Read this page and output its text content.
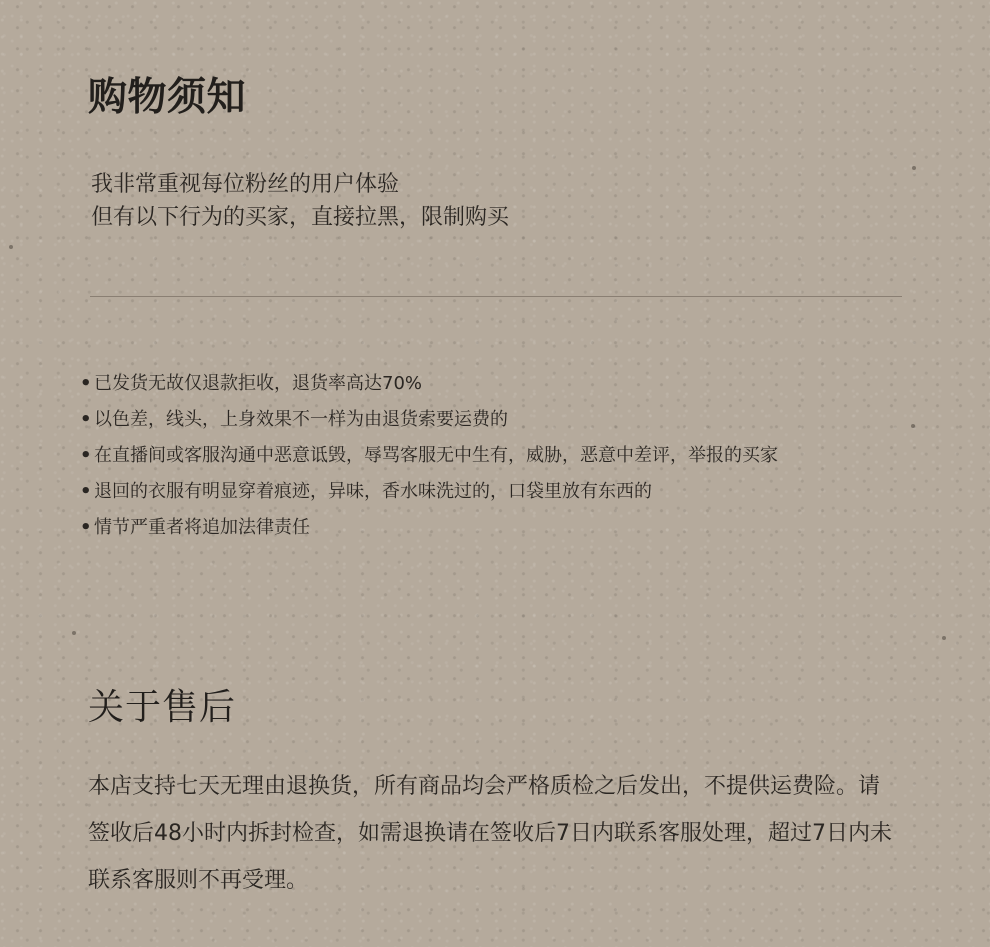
购物须知
我非常重视每位粉丝的用户体验
但有以下行为的买家，直接拉黑，限制购买
• 已发货无故仅退款拒收，退货率高达70%
• 以色差，线头，上身效果不一样为由退货索要运费的
• 在直播间或客服沟通中恶意诋毁，辱骂客服无中生有，威胁，恶意中差评，举报的买家
• 退回的衣服有明显穿着痕迹，异味，香水味洗过的，口袋里放有东西的
• 情节严重者将追加法律责任
关于售后

本店支持七天无理由退换货，所有商品均会严格质检之后发出，不提供运费险。请签收后48小时内拆封检查，如需退换请在签收后7日内联系客服处理，超过7日内未联系客服则不再受理。
